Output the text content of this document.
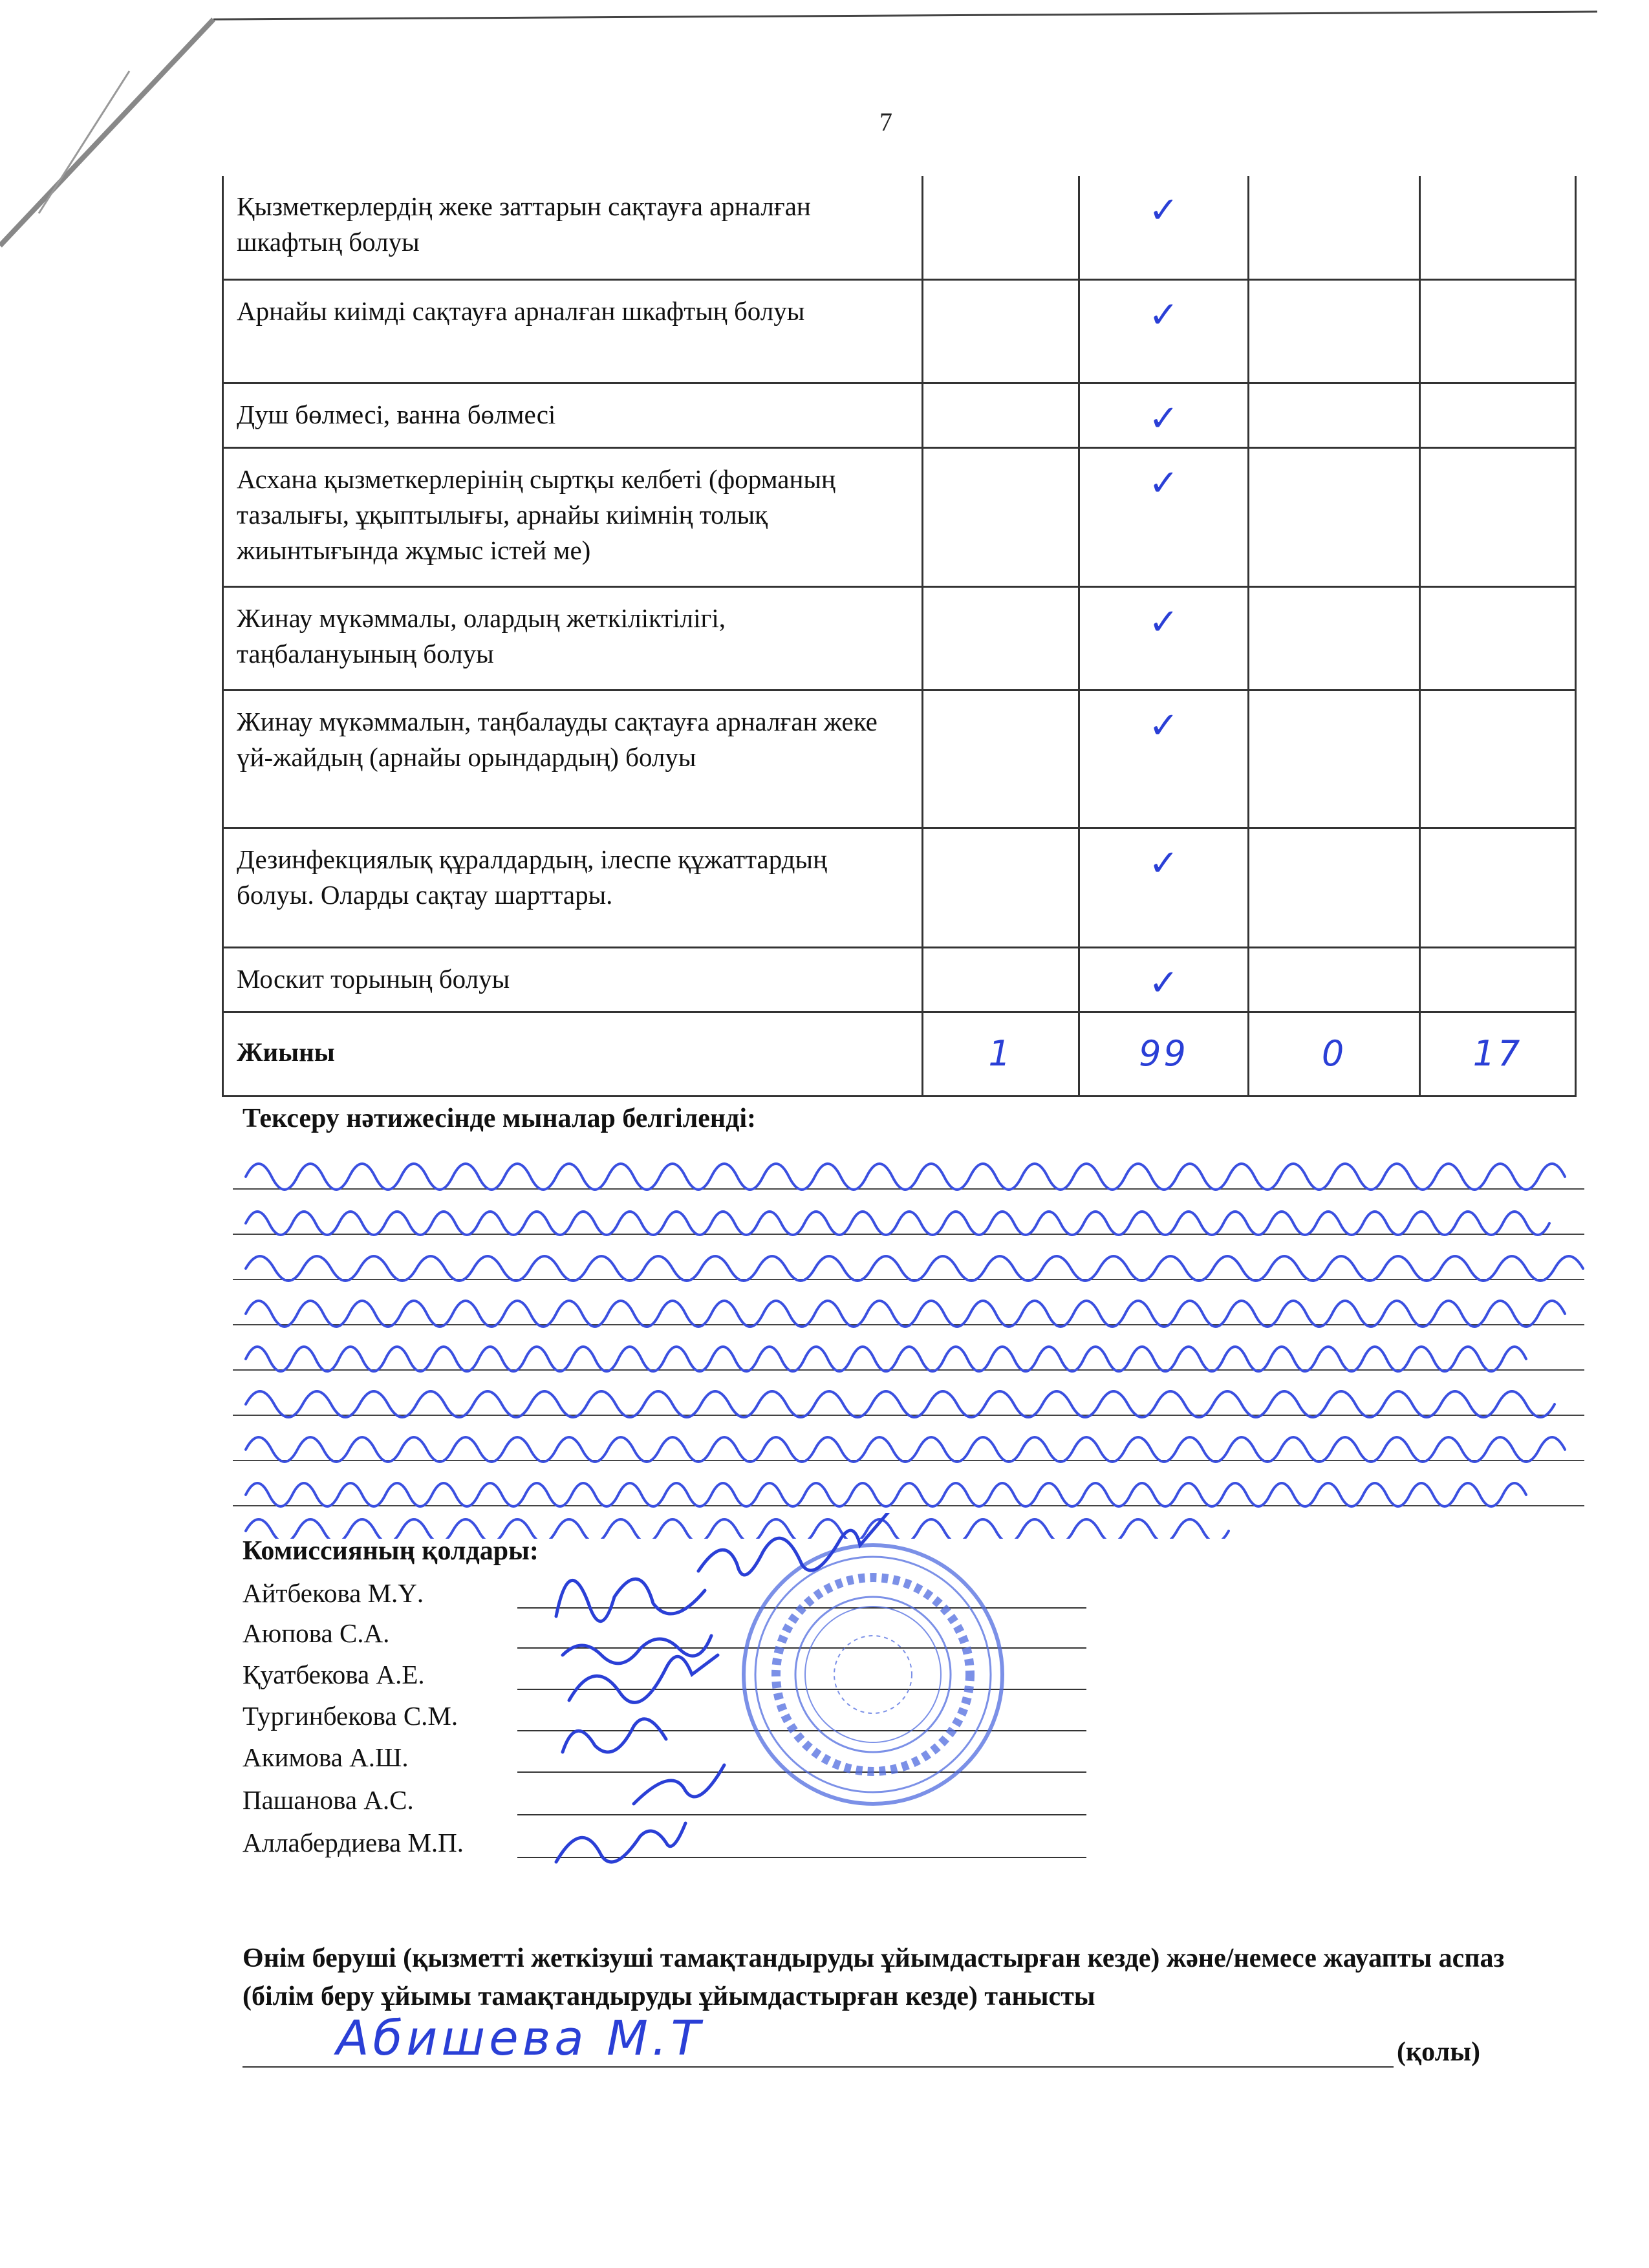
7
Қызметкерлердің жеке заттарын сақтауға арналған шкафтың болуы		✓		

Арнайы киімді сақтауға арналған шкафтың болуы		✓		

Душ бөлмесі, ванна бөлмесі		✓		

Асхана қызметкерлерінің сыртқы келбеті (форманың тазалығы, ұқыптылығы, арнайы киімнің толық жиынтығында жұмыс істей ме)		✓		

Жинау мүкәммалы, олардың жеткіліктілігі, таңбалануының болуы		✓		

Жинау мүкәммалын, таңбалауды сақтауға арналған жеке үй-жайдың (арнайы орындардың) болуы		✓		

Дезинфекциялық құралдардың, ілеспе құжаттардың болуы. Оларды сақтау шарттары.		✓		

Москит торының болуы		✓		

Жиыны	1	99	0	17
Тексеру нәтижесінде мыналар белгіленді:
Комиссияның қолдары:
Айтбекова М.Ү.
Аюпова С.А.
Қуатбекова А.Е.
Тургинбекова С.М.
Акимова А.Ш.
Пашанова А.С.
Аллабердиева М.П.
Өнім беруші (қызметті жеткізуші тамақтандыруды ұйымдастырған кезде) және/немесе жауапты аспаз (білім беру ұйымы тамақтандыруды ұйымдастырған кезде) танысты
Абишева М.Т	(қолы)
